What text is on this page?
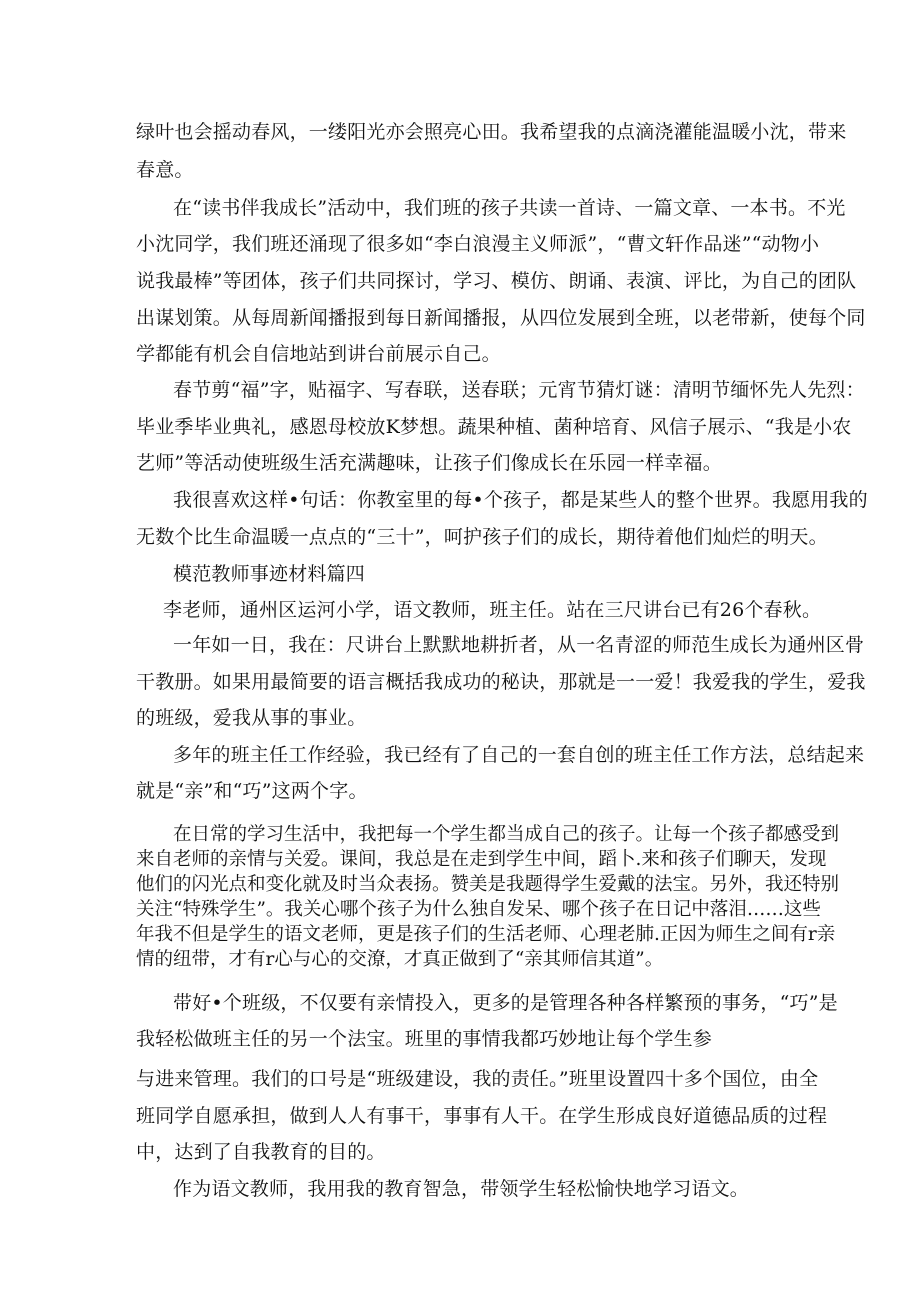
绿叶也会摇动春风，一缕阳光亦会照亮心田。我希望我的点滴浇灌能温暖小沈，带来
春意。
在“读书伴我成长”活动中，我们班的孩子共读一首诗、一篇文章、一本书。不光
小沈同学，我们班还涌现了很多如“李白浪漫主义师派”，“曹文轩作品迷”“动物小
说我最棒”等团体，孩子们共同探讨，学习、模仿、朗诵、表演、评比，为自己的团队
出谋划策。从每周新闻播报到每日新闻播报，从四位发展到全班，以老带新，使每个同
学都能有机会自信地站到讲台前展示自己。
春节剪“福”字，贴福字、写春联，送春联；元宵节猜灯谜：清明节缅怀先人先烈：
毕业季毕业典礼，感恩母校放K梦想。蔬果种植、菌种培育、风信子展示、“我是小农
艺师”等活动使班级生活充满趣味，让孩子们像成长在乐园一样幸福。
我很喜欢这样•句话：你教室里的每•个孩子，都是某些人的整个世界。我愿用我的
无数个比生命温暖一点点的“三十”，呵护孩子们的成长，期待着他们灿烂的明天。
模范教师事迹材料篇四
李老师，通州区运河小学，语文教师，班主任。站在三尺讲台已有26个春秋。
一年如一日，我在：尺讲台上默默地耕折者，从一名青涩的师范生成长为通州区骨
干教册。如果用最简要的语言概括我成功的秘诀，那就是一一爱！我爱我的学生，爱我
的班级，爱我从事的事业。
多年的班主任工作经验，我已经有了自己的一套自创的班主任工作方法，总结起来
就是“亲”和“巧”这两个字。
在日常的学习生活中，我把每一个学生都当成自己的孩子。让每一个孩子都感受到
来自老师的亲情与关爱。课间，我总是在走到学生中间，蹈卜.来和孩子们聊天，发现
他们的闪光点和变化就及时当众表扬。赞美是我题得学生爱戴的法宝。另外，我还特别
关注“特殊学生”。我关心哪个孩子为什么独自发呆、哪个孩子在日记中落泪……这些
年我不但是学生的语文老师，更是孩子们的生活老师、心理老肺.正因为师生之间有r亲
情的纽带，才有r心与心的交潦，才真正做到了“亲其师信其道”。
带好•个班级，不仅要有亲情投入，更多的是管理各种各样繁预的事务，“巧”是
我轻松做班主任的另一个法宝。班里的事情我都巧妙地让每个学生参
与进来管理。我们的口号是“班级建设，我的责任。”班里设置四十多个国位，由全
班同学自愿承担，做到人人有事干，事事有人干。在学生形成良好道德品质的过程
中，达到了自我教育的目的。
作为语文教师，我用我的教育智急，带领学生轻松愉快地学习语文。
